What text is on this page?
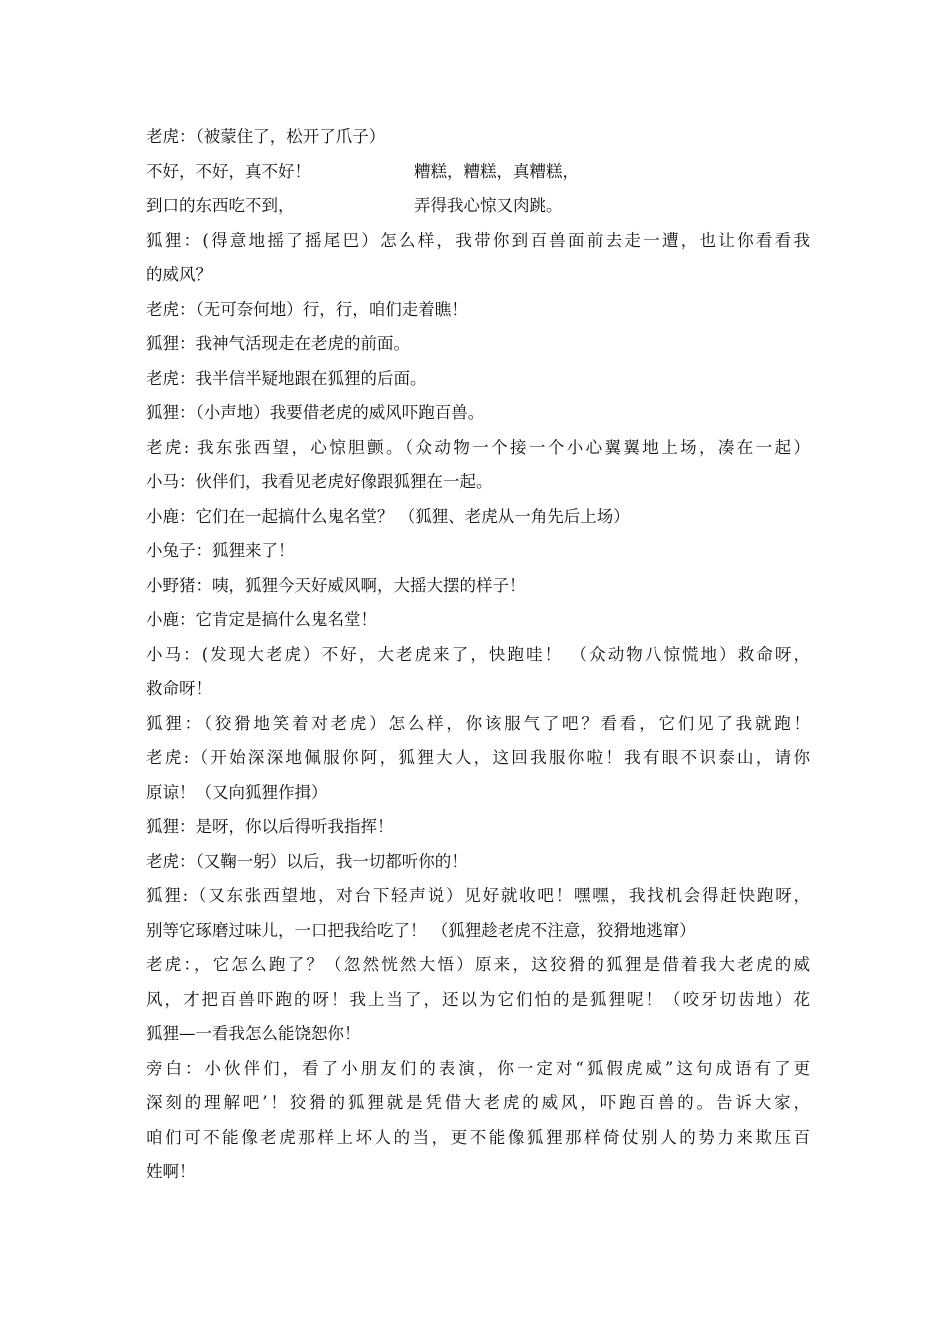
老虎：（被蒙住了，松开了爪子）
不好，不好，真不好！	糟糕，糟糕，真糟糕，
到口的东西吃不到，	弄得我心惊又肉跳。
狐狸：(得意地摇了摇尾巴）怎么样，我带你到百兽面前去走一遭，也让你看看我
的威风？
老虎：（无可奈何地）行，行，咱们走着瞧！
狐狸：我神气活现走在老虎的前面。
老虎：我半信半疑地跟在狐狸的后面。
狐狸：（小声地）我要借老虎的威风吓跑百兽。
老虎: 我东张西望，心惊胆颤。（众动物一个接一个小心翼翼地上场，凑在一起）
小马：伙伴们，我看见老虎好像跟狐狸在一起。
小鹿：它们在一起搞什么鬼名堂？ （狐狸、老虎从一角先后上场）
小兔子：狐狸来了！
小野猪：咦，狐狸今天好威风啊，大摇大摆的样子！
小鹿：它肯定是搞什么鬼名堂！
小马：(发现大老虎）不好，大老虎来了，快跑哇！ （众动物八惊慌地）救命呀，
救命呀！
狐狸：（狡猾地笑着对老虎）怎么样，你该服气了吧？看看，它们见了我就跑！
老虎:（开始深深地佩服你阿，狐狸大人，这回我服你啦！我有眼不识泰山，请你
原谅！（又向狐狸作揖）
狐狸：是呀，你以后得听我指挥！
老虎：（又鞠一躬）以后，我一切都听你的！
狐狸:（又东张西望地，对台下轻声说）见好就收吧！嘿嘿，我找机会得赶快跑呀，
别等它琢磨过味儿，一口把我给吃了！ （狐狸趁老虎不注意，狡猾地逃窜）
老虎：，它怎么跑了？（忽然恍然大悟）原来，这狡猾的狐狸是借着我大老虎的威
风，才把百兽吓跑的呀！我上当了，还以为它们怕的是狐狸呢！（咬牙切齿地）花
狐狸—一看我怎么能饶恕你！
旁白：小伙伴们，看了小朋友们的表演，你一定对“狐假虎威”这句成语有了更
深刻的理解吧’！狡猾的狐狸就是凭借大老虎的威风，吓跑百兽的。告诉大家，
咱们可不能像老虎那样上坏人的当，更不能像狐狸那样倚仗别人的势力来欺压百
姓啊！
